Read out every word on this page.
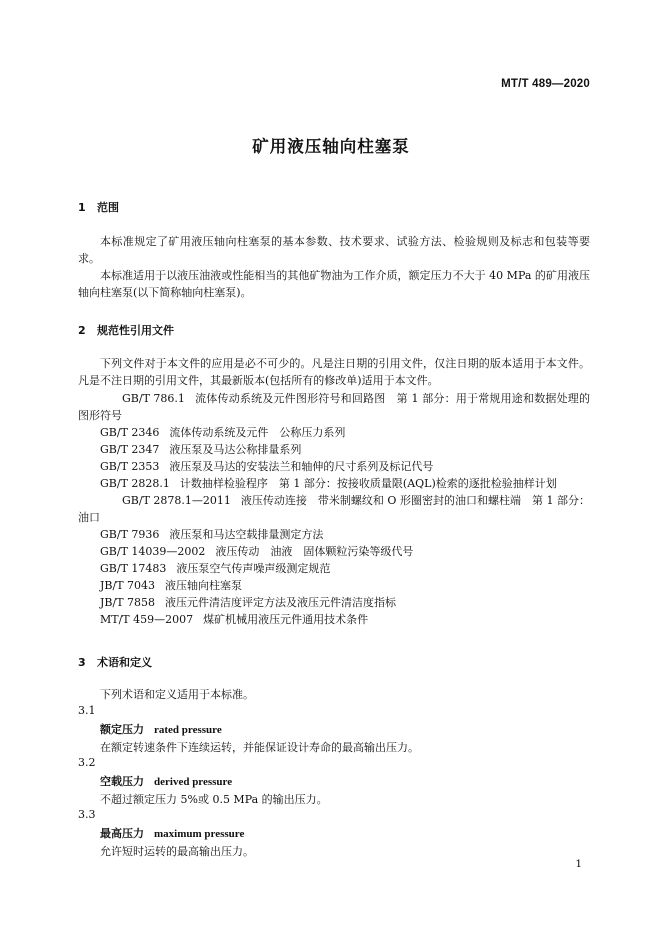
MT/T 489—2020
矿用液压轴向柱塞泵
1 范围

本标准规定了矿用液压轴向柱塞泵的基本参数、技术要求、试验方法、检验规则及标志和包装等要求。

本标准适用于以液压油液或性能相当的其他矿物油为工作介质，额定压力不大于 40 MPa 的矿用液压轴向柱塞泵(以下简称轴向柱塞泵)。

2 规范性引用文件

下列文件对于本文件的应用是必不可少的。凡是注日期的引用文件，仅注日期的版本适用于本文件。凡是不注日期的引用文件，其最新版本(包括所有的修改单)适用于本文件。

GB/T 786.1 流体传动系统及元件图形符号和回路图　第 1 部分：用于常规用途和数据处理的图形符号
GB/T 2346 流体传动系统及元件　公称压力系列
GB/T 2347 液压泵及马达公称排量系列
GB/T 2353 液压泵及马达的安装法兰和轴伸的尺寸系列及标记代号
GB/T 2828.1 计数抽样检验程序　第 1 部分：按接收质量限(AQL)检索的逐批检验抽样计划
GB/T 2878.1—2011 液压传动连接　带米制螺纹和 O 形圈密封的油口和螺柱端　第 1 部分：油口
GB/T 7936 液压泵和马达空载排量测定方法
GB/T 14039—2002 液压传动　油液　固体颗粒污染等级代号
GB/T 17483 液压泵空气传声噪声级测定规范
JB/T 7043 液压轴向柱塞泵
JB/T 7858 液压元件清洁度评定方法及液压元件清洁度指标
MT/T 459—2007 煤矿机械用液压元件通用技术条件
3 术语和定义

下列术语和定义适用于本标准。

3.1
额定压力 rated pressure
在额定转速条件下连续运转，并能保证设计寿命的最高输出压力。
3.2
空载压力 derived pressure
不超过额定压力 5%或 0.5 MPa 的输出压力。
3.3
最高压力 maximum pressure
允许短时运转的最高输出压力。
1
